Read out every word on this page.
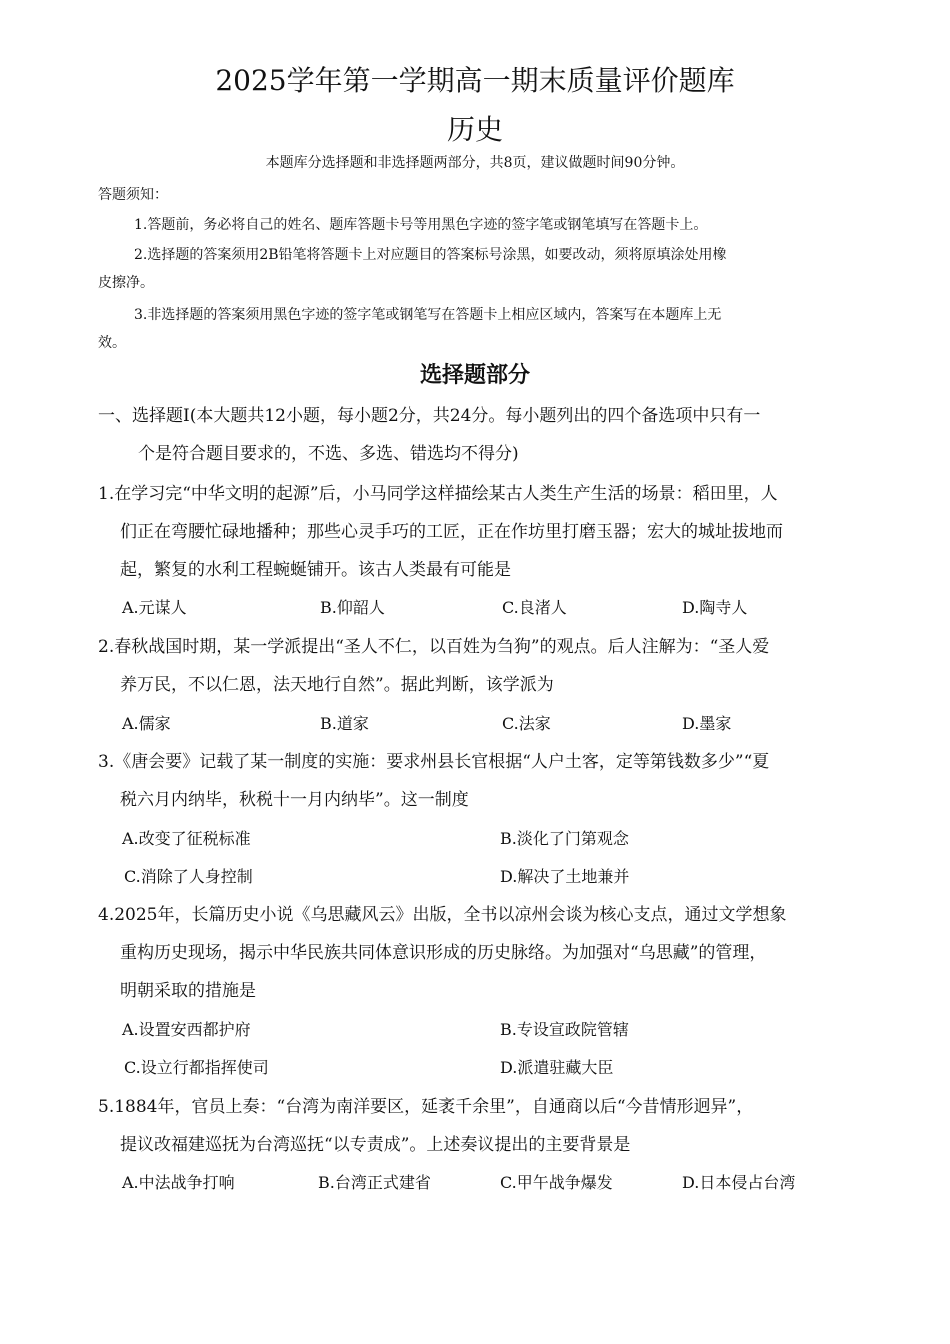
2025学年第一学期高一期末质量评价题库
历史
本题库分选择题和非选择题两部分，共8页，建议做题时间90分钟。
答题须知：
1.答题前，务必将自己的姓名、题库答题卡号等用黑色字迹的签字笔或钢笔填写在答题卡上。
2.选择题的答案须用2B铅笔将答题卡上对应题目的答案标号涂黑，如要改动，须将原填涂处用橡
皮擦净。
3.非选择题的答案须用黑色字迹的签字笔或钢笔写在答题卡上相应区域内，答案写在本题库上无
效。
选择题部分
一、选择题Ⅰ(本大题共12小题，每小题2分，共24分。每小题列出的四个备选项中只有一
个是符合题目要求的，不选、多选、错选均不得分)
1.在学习完“中华文明的起源”后，小马同学这样描绘某古人类生产生活的场景：稻田里，人
们正在弯腰忙碌地播种；那些心灵手巧的工匠，正在作坊里打磨玉器；宏大的城址拔地而
起，繁复的水利工程蜿蜒铺开。该古人类最有可能是
A.元谋人	B.仰韶人	C.良渚人	D.陶寺人
2.春秋战国时期，某一学派提出“圣人不仁，以百姓为刍狗”的观点。后人注解为：“圣人爱
养万民，不以仁恩，法天地行自然”。据此判断，该学派为
A.儒家	B.道家	C.法家	D.墨家
3.《唐会要》记载了某一制度的实施：要求州县长官根据“人户土客，定等第钱数多少”“夏
税六月内纳毕，秋税十一月内纳毕”。这一制度
A.改变了征税标准	B.淡化了门第观念
C.消除了人身控制	D.解决了土地兼并
4.2025年，长篇历史小说《乌思藏风云》出版，全书以凉州会谈为核心支点，通过文学想象
重构历史现场，揭示中华民族共同体意识形成的历史脉络。为加强对“乌思藏”的管理，
明朝采取的措施是
A.设置安西都护府	B.专设宣政院管辖
C.设立行都指挥使司	D.派遣驻藏大臣
5.1884年，官员上奏：“台湾为南洋要区，延袤千余里”，自通商以后“今昔情形迥异”，
提议改福建巡抚为台湾巡抚“以专责成”。上述奏议提出的主要背景是
A.中法战争打响	B.台湾正式建省	C.甲午战争爆发	D.日本侵占台湾
